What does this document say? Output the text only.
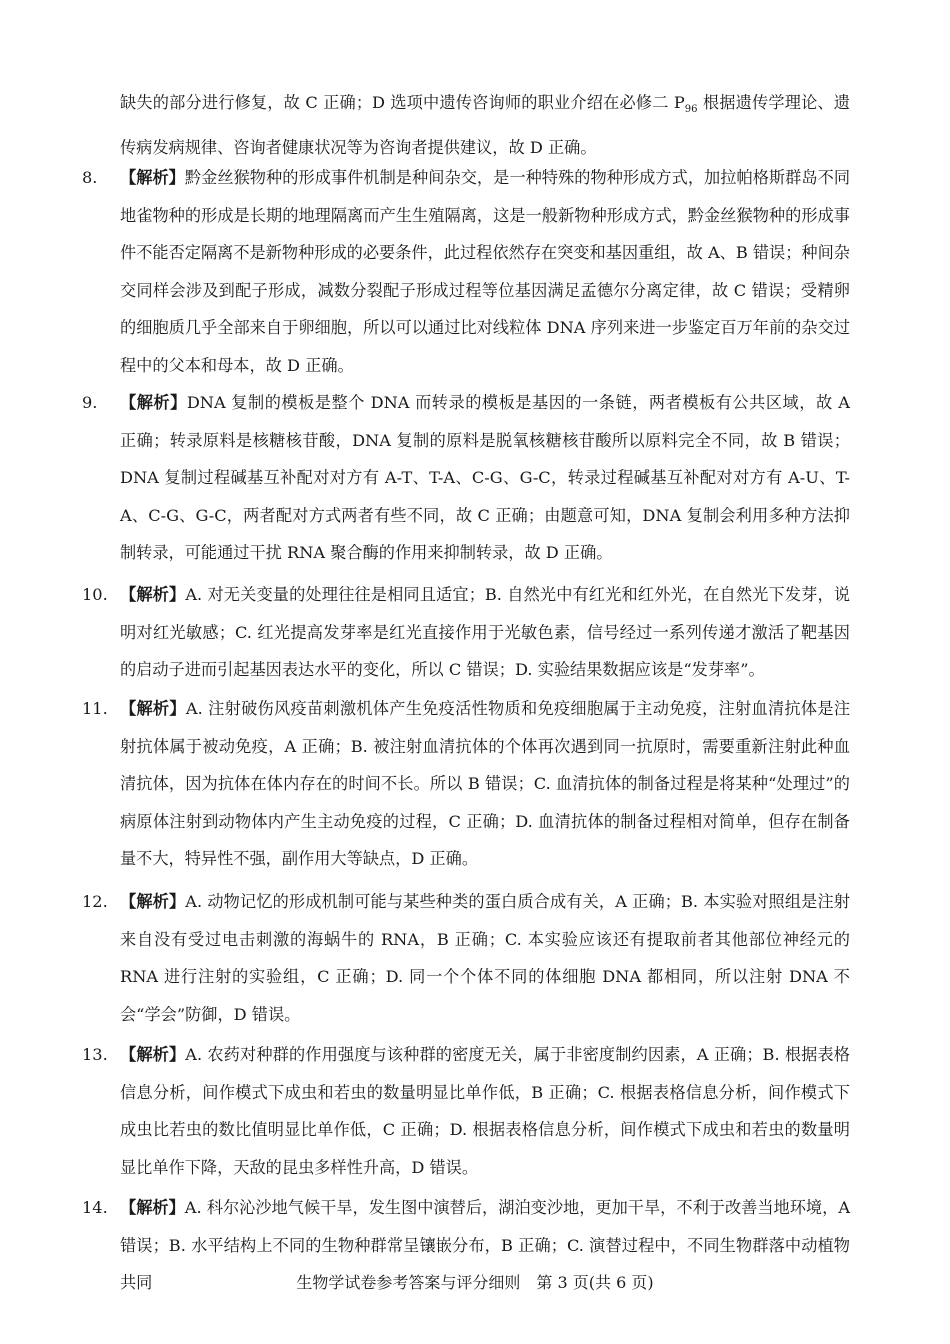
缺失的部分进行修复，故 C 正确；D 选项中遗传咨询师的职业介绍在必修二 $P_{96}$ 根据遗传学理论、遗传病发病规律、咨询者健康状况等为咨询者提供建议，故 D 正确。
8.	【解析】黔金丝猴物种的形成事件机制是种间杂交，是一种特殊的物种形成方式，加拉帕格斯群岛不同地雀物种的形成是长期的地理隔离而产生生殖隔离，这是一般新物种形成方式，黔金丝猴物种的形成事件不能否定隔离不是新物种形成的必要条件，此过程依然存在突变和基因重组，故 A、B 错误；种间杂交同样会涉及到配子形成，减数分裂配子形成过程等位基因满足孟德尔分离定律，故 C 错误；受精卵的细胞质几乎全部来自于卵细胞，所以可以通过比对线粒体 DNA 序列来进一步鉴定百万年前的杂交过程中的父本和母本，故 D 正确。
9.	【解析】DNA 复制的模板是整个 DNA 而转录的模板是基因的一条链，两者模板有公共区域，故 A 正确；转录原料是核糖核苷酸，DNA 复制的原料是脱氧核糖核苷酸所以原料完全不同，故 B 错误；DNA 复制过程碱基互补配对对方有 A-T、T-A、C-G、G-C，转录过程碱基互补配对对方有 A-U、T-A、C-G、G-C，两者配对方式两者有些不同，故 C 正确；由题意可知，DNA 复制会利用多种方法抑制转录，可能通过干扰 RNA 聚合酶的作用来抑制转录，故 D 正确。
10. 【解析】A. 对无关变量的处理往往是相同且适宜；B. 自然光中有红光和红外光，在自然光下发芽，说明对红光敏感；C. 红光提高发芽率是红光直接作用于光敏色素，信号经过一系列传递才激活了靶基因的启动子进而引起基因表达水平的变化，所以 C 错误；D. 实验结果数据应该是“发芽率”。
11. 【解析】A. 注射破伤风疫苗刺激机体产生免疫活性物质和免疫细胞属于主动免疫，注射血清抗体是注射抗体属于被动免疫，A 正确；B. 被注射血清抗体的个体再次遇到同一抗原时，需要重新注射此种血清抗体，因为抗体在体内存在的时间不长。所以 B 错误；C. 血清抗体的制备过程是将某种“处理过”的病原体注射到动物体内产生主动免疫的过程，C 正确；D. 血清抗体的制备过程相对简单，但存在制备量不大，特异性不强，副作用大等缺点，D 正确。
12. 【解析】A. 动物记忆的形成机制可能与某些种类的蛋白质合成有关，A 正确；B. 本实验对照组是注射来自没有受过电击刺激的海蜗牛的 RNA，B 正确；C. 本实验应该还有提取前者其他部位神经元的 RNA 进行注射的实验组，C 正确；D. 同一个个体不同的体细胞 DNA 都相同，所以注射 DNA 不会“学会”防御，D 错误。
13. 【解析】A. 农药对种群的作用强度与该种群的密度无关，属于非密度制约因素，A 正确；B. 根据表格信息分析，间作模式下成虫和若虫的数量明显比单作低，B 正确；C. 根据表格信息分析，间作模式下成虫比若虫的数比值明显比单作低，C 正确；D. 根据表格信息分析，间作模式下成虫和若虫的数量明显比单作下降，天敌的昆虫多样性升高，D 错误。
14. 【解析】A. 科尔沁沙地气候干旱，发生图中演替后，湖泊变沙地，更加干旱，不利于改善当地环境，A 错误；B. 水平结构上不同的生物种群常呈镶嵌分布，B 正确；C. 演替过程中，不同生物群落中动植物共同	生物学试卷参考答案与评分细则　第 3 页(共 6 页)
